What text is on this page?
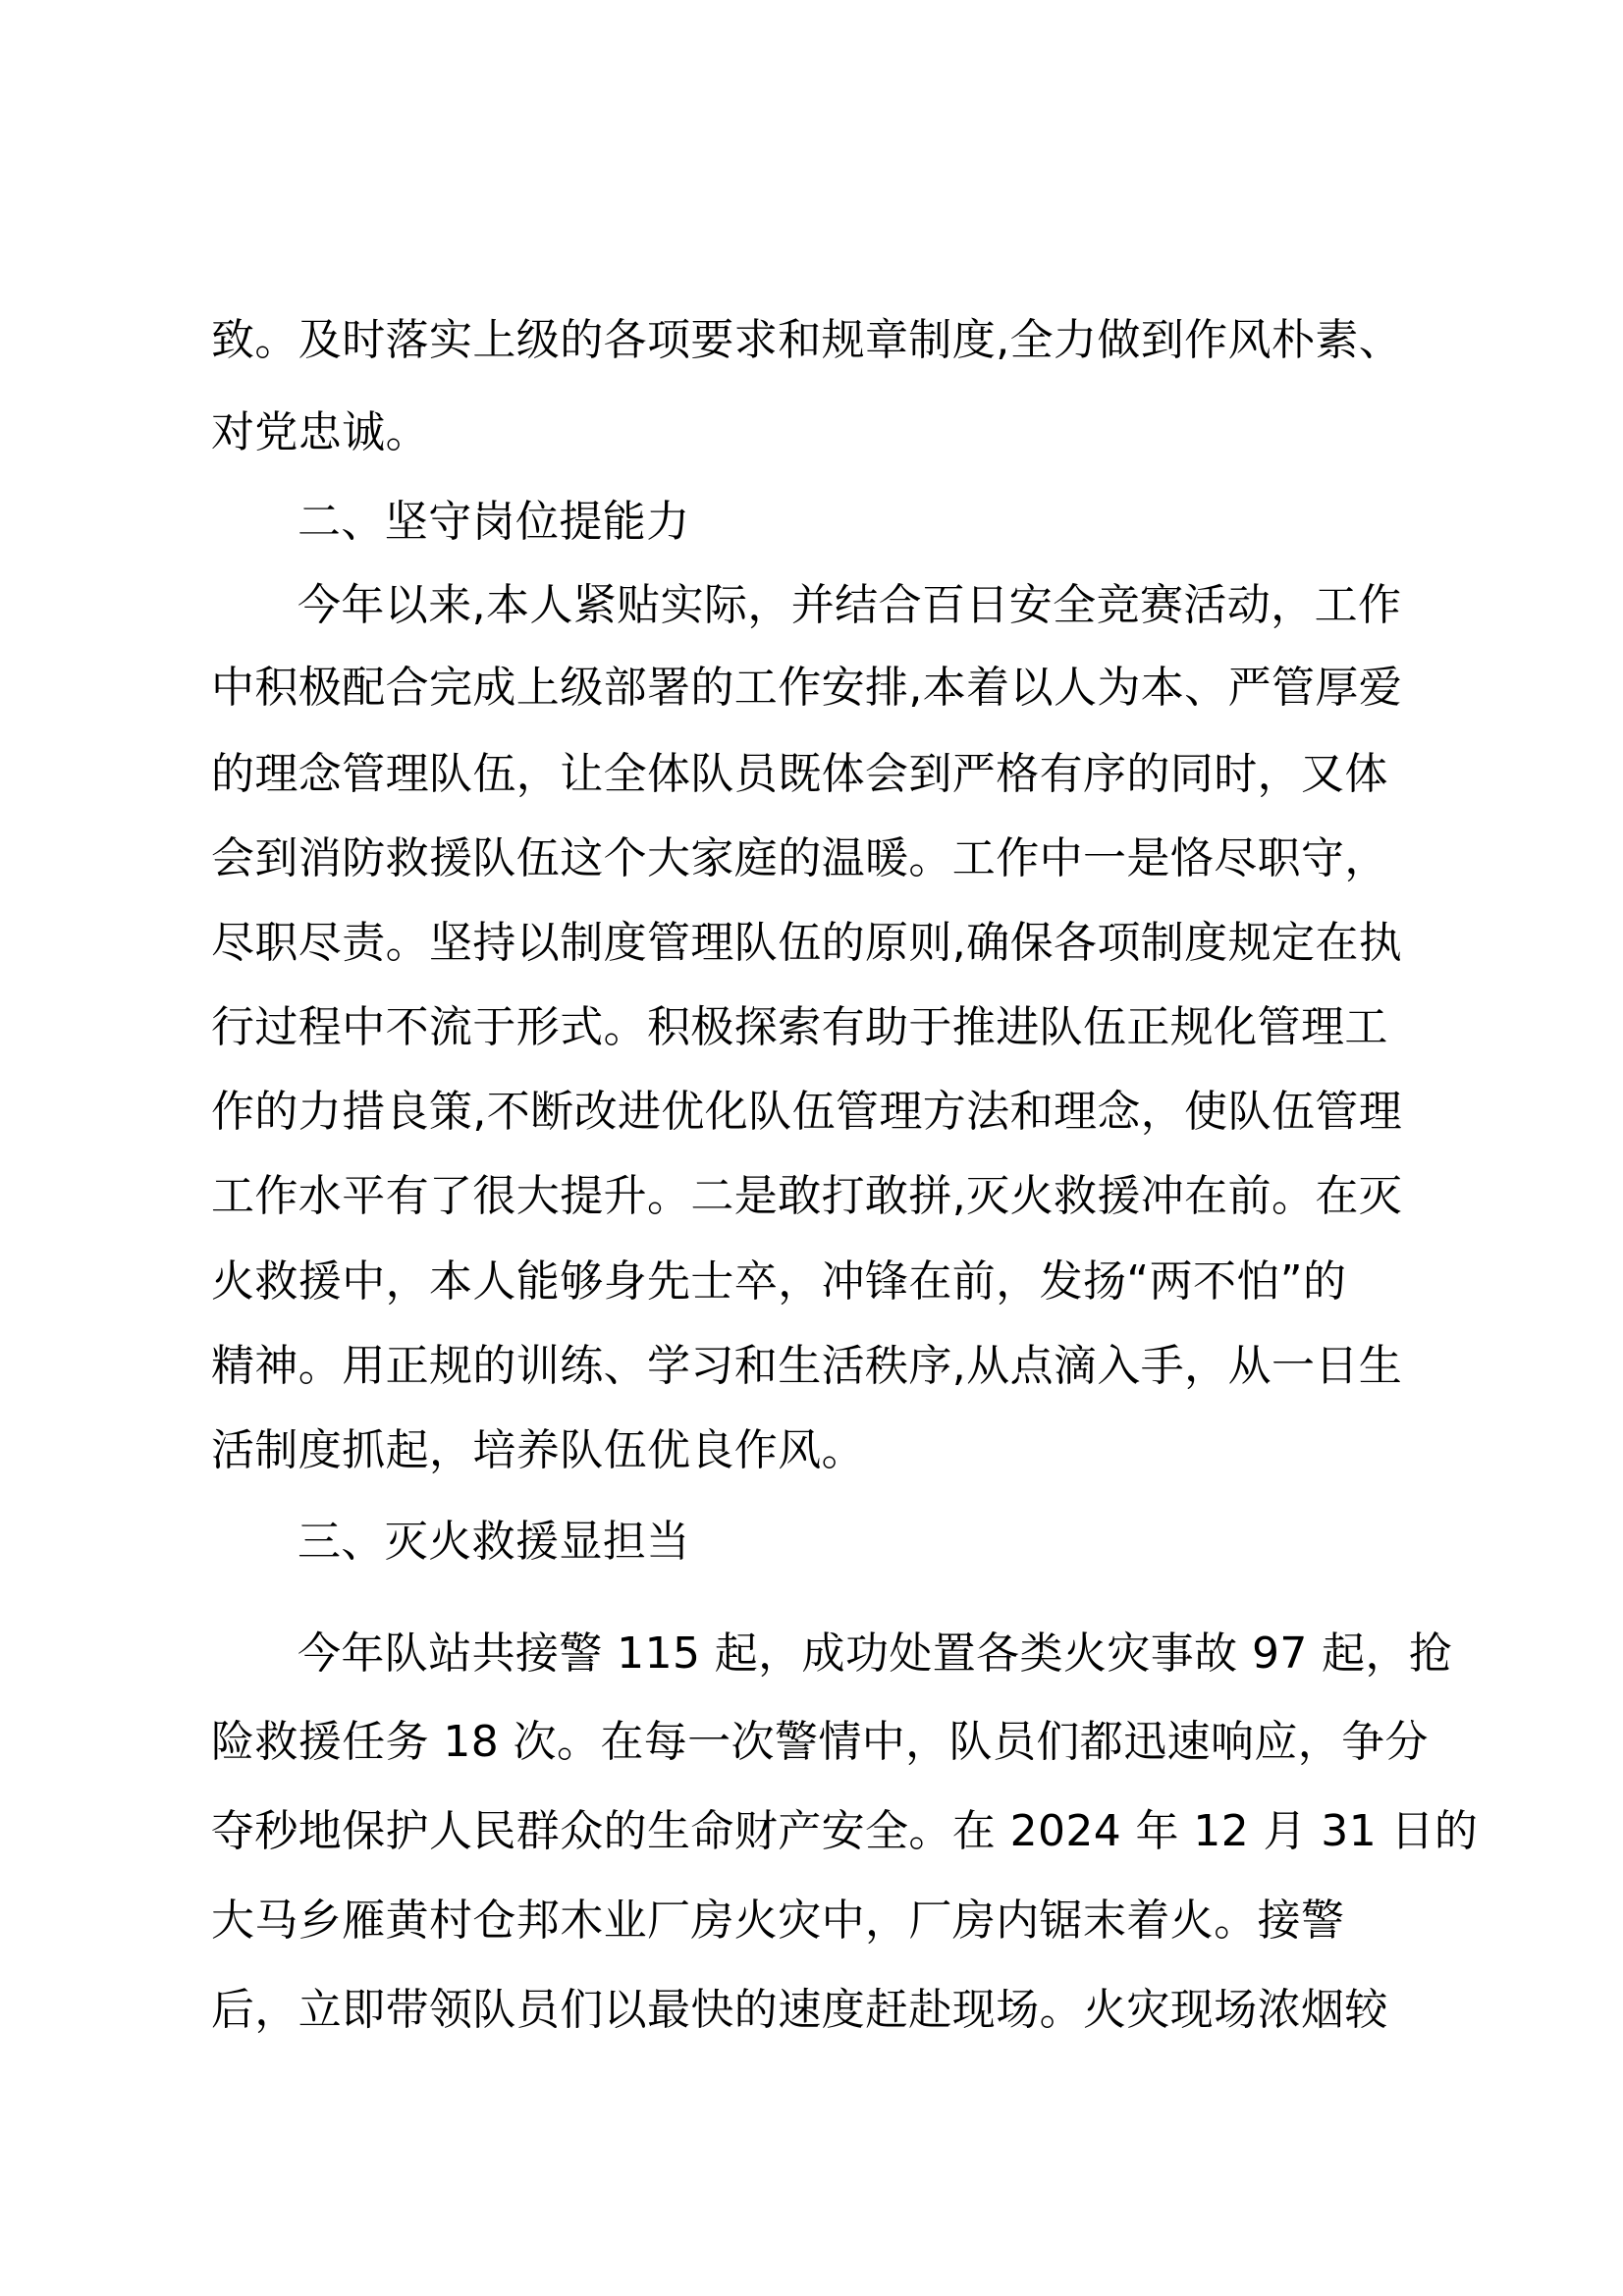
致。及时落实上级的各项要求和规章制度,全力做到作风朴素、
对党忠诚。
二、坚守岗位提能力
今年以来,本人紧贴实际，并结合百日安全竞赛活动，工作
中积极配合完成上级部署的工作安排,本着以人为本、严管厚爱
的理念管理队伍，让全体队员既体会到严格有序的同时，又体
会到消防救援队伍这个大家庭的温暖。工作中一是恪尽职守，
尽职尽责。坚持以制度管理队伍的原则,确保各项制度规定在执
行过程中不流于形式。积极探索有助于推进队伍正规化管理工
作的力措良策,不断改进优化队伍管理方法和理念，使队伍管理
工作水平有了很大提升。二是敢打敢拼,灭火救援冲在前。在灭
火救援中，本人能够身先士卒，冲锋在前，发扬“两不怕”的
精神。用正规的训练、学习和生活秩序,从点滴入手，从一日生
活制度抓起，培养队伍优良作风。
三、灭火救援显担当
今年队站共接警 115 起，成功处置各类火灾事故 97 起，抢
险救援任务 18 次。在每一次警情中，队员们都迅速响应，争分
夺秒地保护人民群众的生命财产安全。在 2024 年 12 月 31 日的
大马乡雁黄村仓邦木业厂房火灾中，厂房内锯末着火。接警
后，立即带领队员们以最快的速度赶赴现场。火灾现场浓烟较
